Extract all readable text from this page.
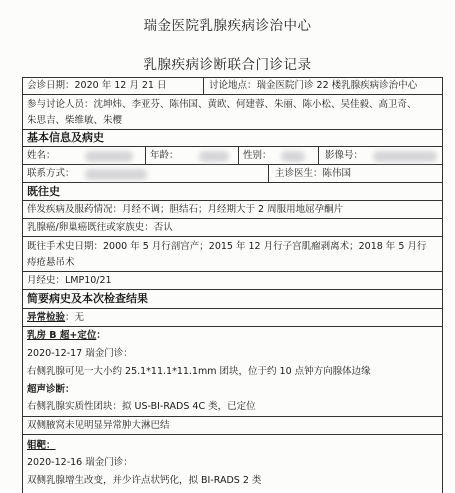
瑞金医院乳腺疾病诊治中心
乳腺疾病诊断联合门诊记录
会诊日期：2020 年 12 月 21 日	讨论地点：瑞金医院门诊 22 楼乳腺疾病诊治中心
参与讨论人员：沈坤炜、李亚芬、陈伟国、黄欧、何建蓉、朱丽、陈小松、吴佳毅、高卫奇、
朱思吉、柴维敏、朱樱
基本信息及病史
姓名：	年龄：	性别：	影像号：
联系方式：	主诊医生：陈伟国
既往史
伴发疾病及服药情况：月经不调；胆结石；月经期大于 2 周服用地屈孕酮片
乳腺癌/卵巢癌既往或家族史：否认
既往手术史日期：2000 年 5 月行剖宫产；2015 年 12 月行子宫肌瘤剥离术；2018 年 5 月行
痔疮悬吊术
月经史：LMP10/21
简要病史及本次检查结果
异常检验：无
乳房 B 超+定位：
2020-12-17 瑞金门诊：
右侧乳腺可见一大小约 25.1*11.1*11.1mm 团块，位于约 10 点钟方向腺体边缘
超声诊断：
右侧乳腺实质性团块：拟 US-BI-RADS 4C 类，已定位
双侧腋窝未见明显异常肿大淋巴结
钼靶：
2020-12-16 瑞金门诊：
双侧乳腺增生改变，并少许点状钙化，拟 BI-RADS 2 类
